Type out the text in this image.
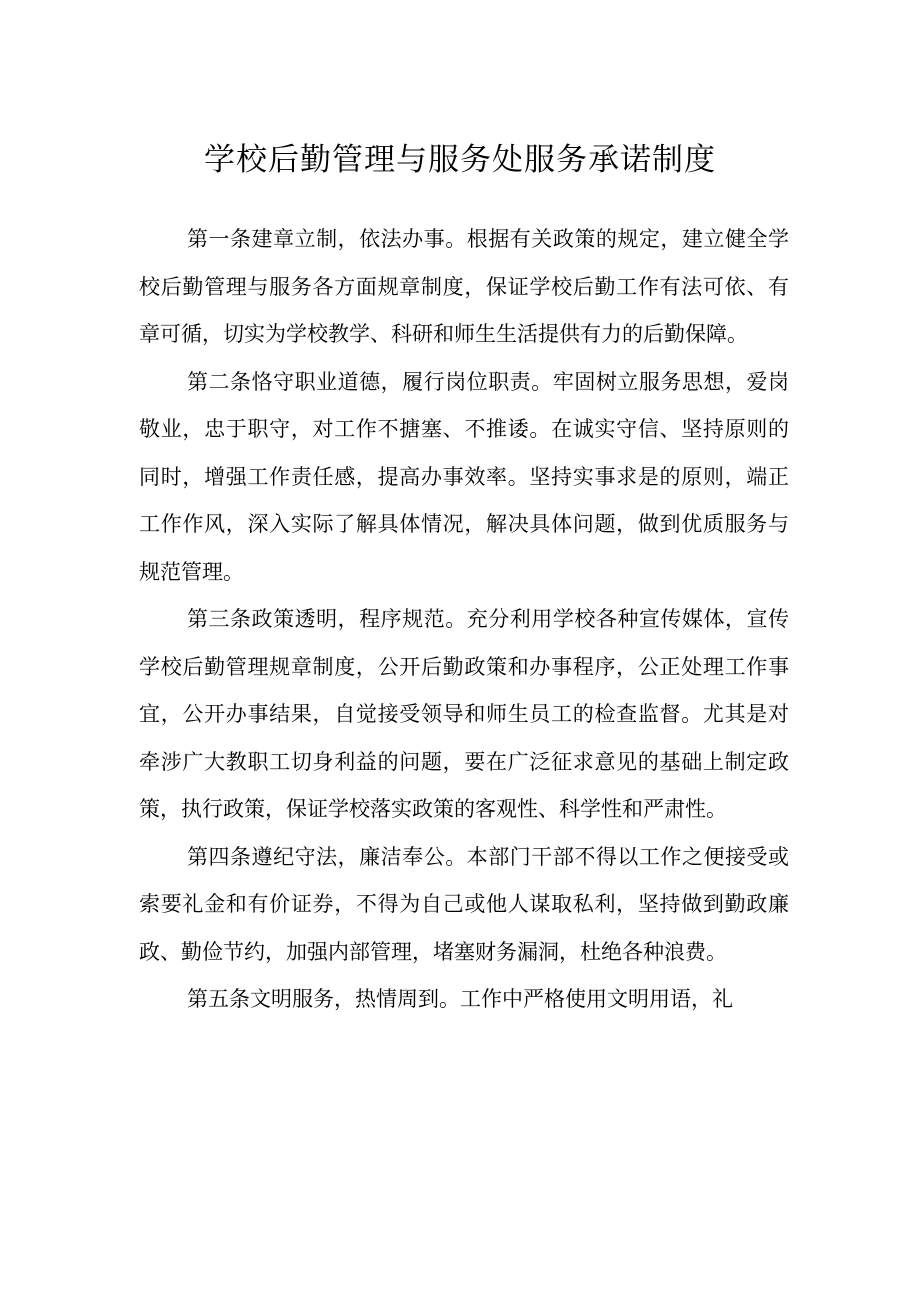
学校后勤管理与服务处服务承诺制度

第一条建章立制，依法办事。根据有关政策的规定，建立健全学校后勤管理与服务各方面规章制度，保证学校后勤工作有法可依、有章可循，切实为学校教学、科研和师生生活提供有力的后勤保障。

第二条恪守职业道德，履行岗位职责。牢固树立服务思想，爱岗敬业，忠于职守，对工作不搪塞、不推诿。在诚实守信、坚持原则的同时，增强工作责任感，提高办事效率。坚持实事求是的原则，端正工作作风，深入实际了解具体情况，解决具体问题，做到优质服务与规范管理。

第三条政策透明，程序规范。充分利用学校各种宣传媒体，宣传学校后勤管理规章制度，公开后勤政策和办事程序，公正处理工作事宜，公开办事结果，自觉接受领导和师生员工的检查监督。尤其是对牵涉广大教职工切身利益的问题，要在广泛征求意见的基础上制定政策，执行政策，保证学校落实政策的客观性、科学性和严肃性。

第四条遵纪守法，廉洁奉公。本部门干部不得以工作之便接受或索要礼金和有价证券，不得为自己或他人谋取私利，坚持做到勤政廉政、勤俭节约，加强内部管理，堵塞财务漏洞，杜绝各种浪费。

第五条文明服务，热情周到。工作中严格使用文明用语，礼
